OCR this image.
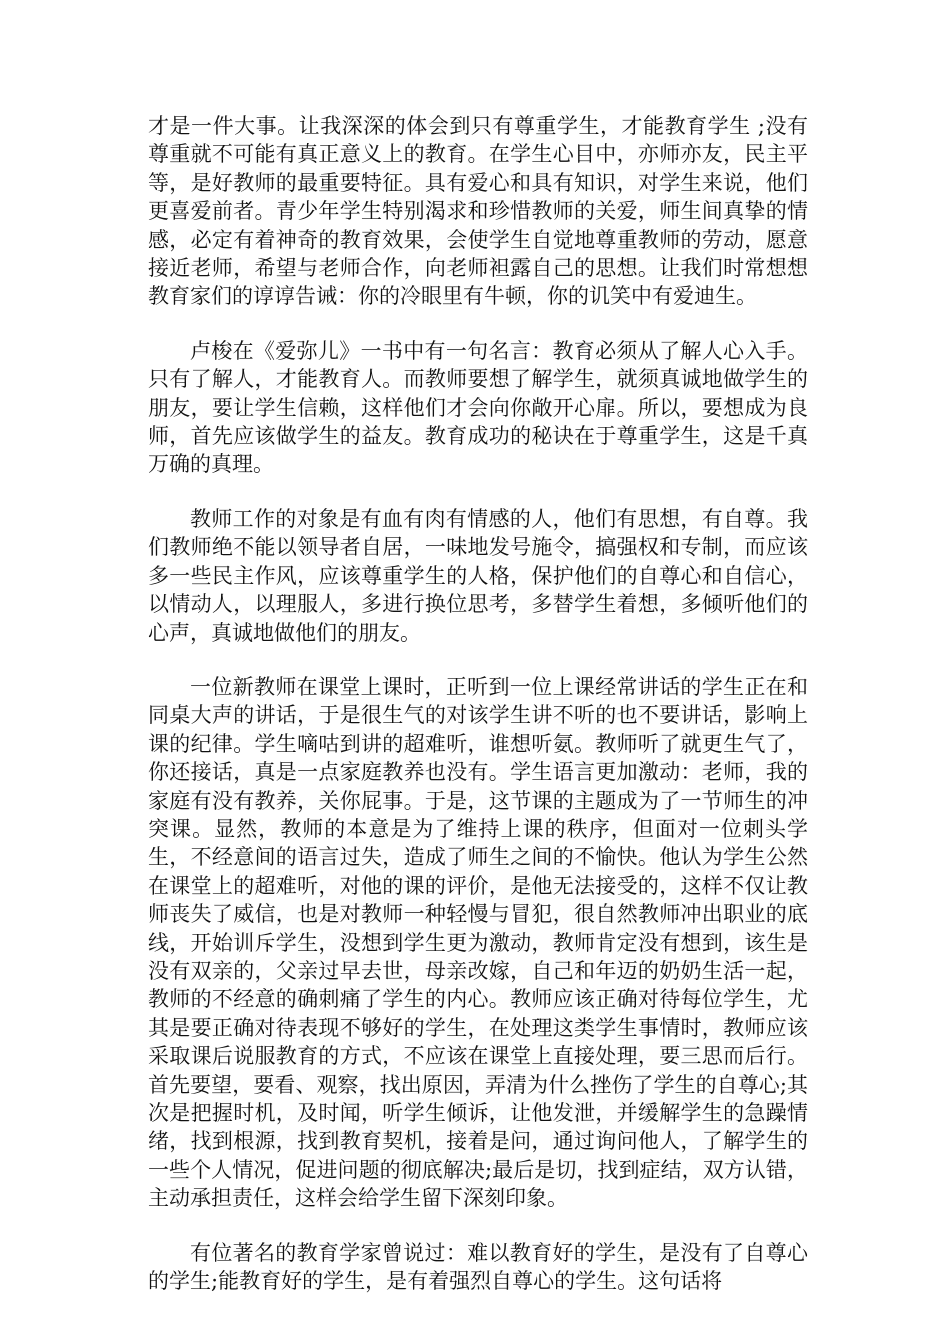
才是一件大事。让我深深的体会到只有尊重学生，才能教育学生 ;没有尊重就不可能有真正意义上的教育。在学生心目中，亦师亦友，民主平等，是好教师的最重要特征。具有爱心和具有知识，对学生来说，他们更喜爱前者。青少年学生特别渴求和珍惜教师的关爱，师生间真挚的情感，必定有着神奇的教育效果，会使学生自觉地尊重教师的劳动，愿意接近老师，希望与老师合作，向老师袒露自己的思想。让我们时常想想教育家们的谆谆告诫：你的冷眼里有牛顿，你的讥笑中有爱迪生。

卢梭在《爱弥儿》一书中有一句名言：教育必须从了解人心入手。只有了解人，才能教育人。而教师要想了解学生，就须真诚地做学生的朋友，要让学生信赖，这样他们才会向你敞开心扉。所以，要想成为良师，首先应该做学生的益友。教育成功的秘诀在于尊重学生，这是千真万确的真理。

教师工作的对象是有血有肉有情感的人，他们有思想，有自尊。我们教师绝不能以领导者自居，一味地发号施令，搞强权和专制，而应该多一些民主作风，应该尊重学生的人格，保护他们的自尊心和自信心，以情动人，以理服人，多进行换位思考，多替学生着想，多倾听他们的心声，真诚地做他们的朋友。

一位新教师在课堂上课时，正听到一位上课经常讲话的学生正在和同桌大声的讲话，于是很生气的对该学生讲不听的也不要讲话，影响上课的纪律。学生嘀咕到讲的超难听，谁想听氨。教师听了就更生气了，你还接话，真是一点家庭教养也没有。学生语言更加激动：老师，我的家庭有没有教养，关你屁事。于是，这节课的主题成为了一节师生的冲突课。显然，教师的本意是为了维持上课的秩序，但面对一位刺头学生，不经意间的语言过失，造成了师生之间的不愉快。他认为学生公然在课堂上的超难听，对他的课的评价，是他无法接受的，这样不仅让教师丧失了威信，也是对教师一种轻慢与冒犯，很自然教师冲出职业的底线，开始训斥学生，没想到学生更为激动，教师肯定没有想到，该生是没有双亲的，父亲过早去世，母亲改嫁，自己和年迈的奶奶生活一起，教师的不经意的确刺痛了学生的内心。教师应该正确对待每位学生，尤其是要正确对待表现不够好的学生，在处理这类学生事情时，教师应该采取课后说服教育的方式，不应该在课堂上直接处理，要三思而后行。首先要望，要看、观察，找出原因，弄清为什么挫伤了学生的自尊心;其次是把握时机，及时闻，听学生倾诉，让他发泄，并缓解学生的急躁情绪，找到根源，找到教育契机，接着是问，通过询问他人，了解学生的一些个人情况，促进问题的彻底解决;最后是切，找到症结，双方认错，主动承担责任，这样会给学生留下深刻印象。

有位著名的教育学家曾说过：难以教育好的学生，是没有了自尊心的学生;能教育好的学生，是有着强烈自尊心的学生。这句话将
